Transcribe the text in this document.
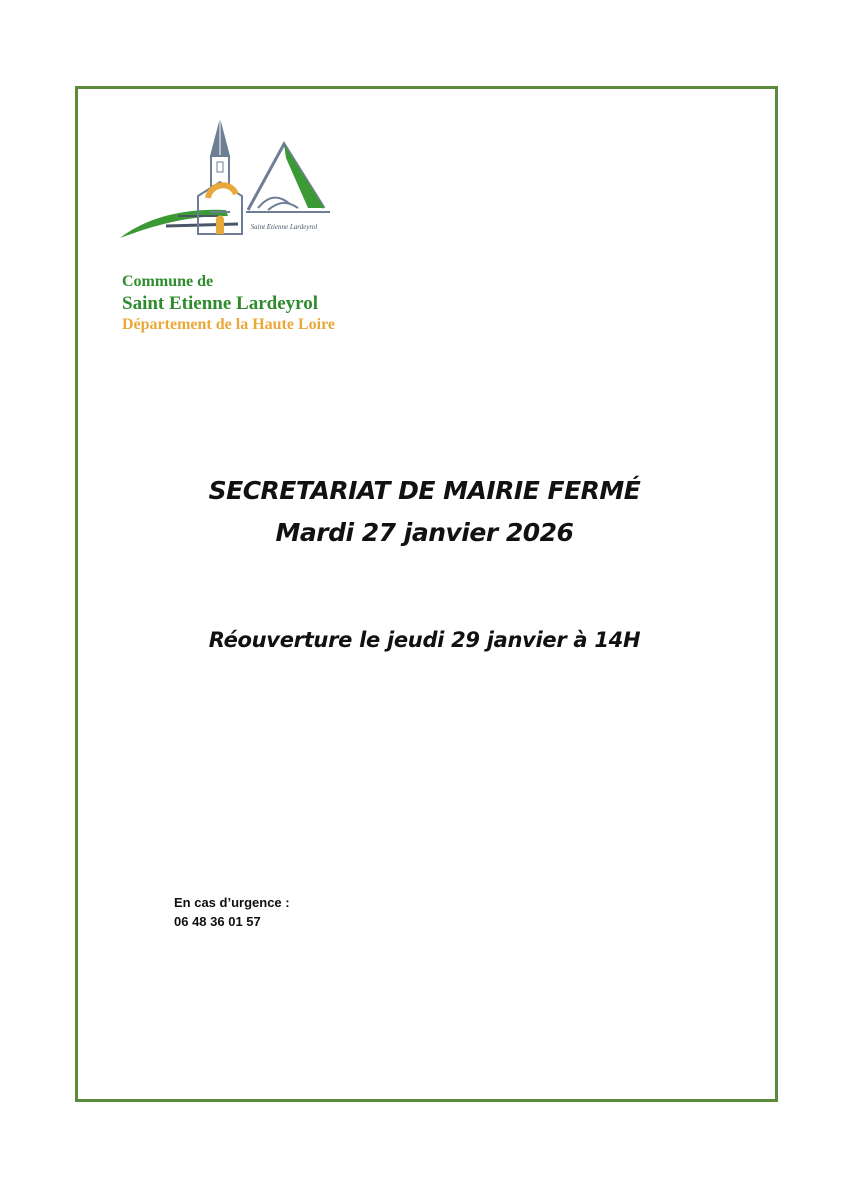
Saint Etienne Lardeyrol
Commune de
Saint Etienne Lardeyrol
Département de la Haute Loire
SECRETARIAT DE MAIRIE FERMÉ
Mardi 27 janvier 2026
Réouverture le jeudi 29 janvier à 14H
En cas d’urgence :
06 48 36 01 57
